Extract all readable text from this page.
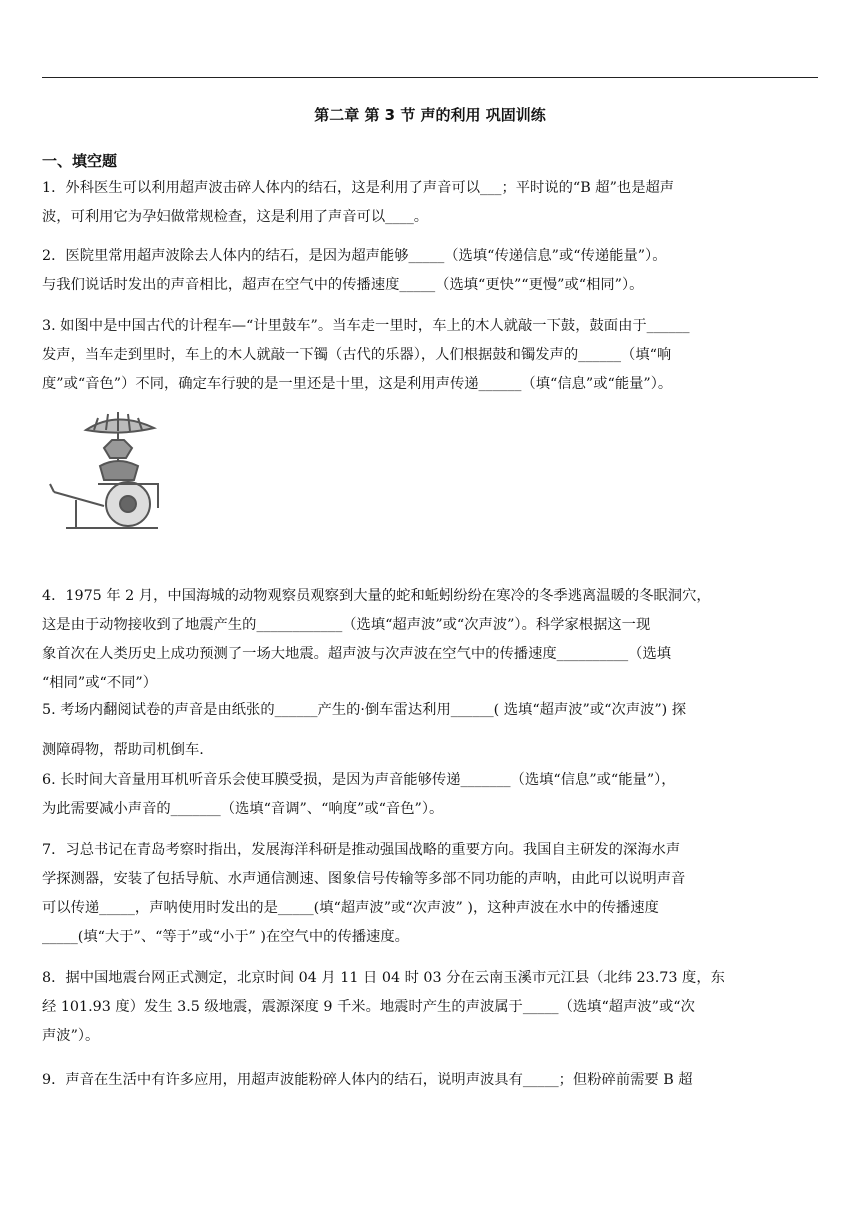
第二章 第 3 节 声的利用 巩固训练
一、填空题

1．外科医生可以利用超声波击碎人体内的结石，这是利用了声音可以___；平时说的“B 超”也是超声

波，可利用它为孕妇做常规检查，这是利用了声音可以____。

2．医院里常用超声波除去人体内的结石，是因为超声能够_____（选填“传递信息”或“传递能量”）。

与我们说话时发出的声音相比，超声在空气中的传播速度_____（选填“更快”“更慢”或“相同”）。

3. 如图中是中国古代的计程车—“计里鼓车”。当车走一里时，车上的木人就敲一下鼓，鼓面由于______

发声，当车走到里时，车上的木人就敲一下镯（古代的乐器），人们根据鼓和镯发声的______（填“响

度”或“音色”）不同，确定车行驶的是一里还是十里，这是利用声传递______（填“信息”或“能量”）。

4．1975 年 2 月，中国海城的动物观察员观察到大量的蛇和蚯蚓纷纷在寒冷的冬季逃离温暖的冬眠洞穴，

这是由于动物接收到了地震产生的____________（选填“超声波”或“次声波”）。科学家根据这一现

象首次在人类历史上成功预测了一场大地震。超声波与次声波在空气中的传播速度__________（选填

“相同”或“不同”）

5. 考场内翻阅试卷的声音是由纸张的______产生的·倒车雷达利用______( 选填“超声波”或“次声波”) 探

测障碍物，帮助司机倒车.

6. 长时间大音量用耳机听音乐会使耳膜受损，是因为声音能够传递_______（选填“信息”或“能量”），

为此需要减小声音的_______（选填“音调”、“响度”或“音色”）。

7．习总书记在青岛考察时指出，发展海洋科研是推动强国战略的重要方向。我国自主研发的深海水声

学探测器，安装了包括导航、水声通信测速、图象信号传输等多部不同功能的声呐，由此可以说明声音

可以传递_____，声呐使用时发出的是_____(填“超声波”或“次声波” )，这种声波在水中的传播速度

_____(填“大于”、“等于”或“小于” )在空气中的传播速度。

8．据中国地震台网正式测定，北京时间 04 月 11 日 04 时 03 分在云南玉溪市元江县（北纬 23.73 度，东

经 101.93 度）发生 3.5 级地震，震源深度 9 千米。地震时产生的声波属于_____（选填“超声波”或“次

声波”）。

9．声音在生活中有许多应用，用超声波能粉碎人体内的结石，说明声波具有_____；但粉碎前需要 B 超
